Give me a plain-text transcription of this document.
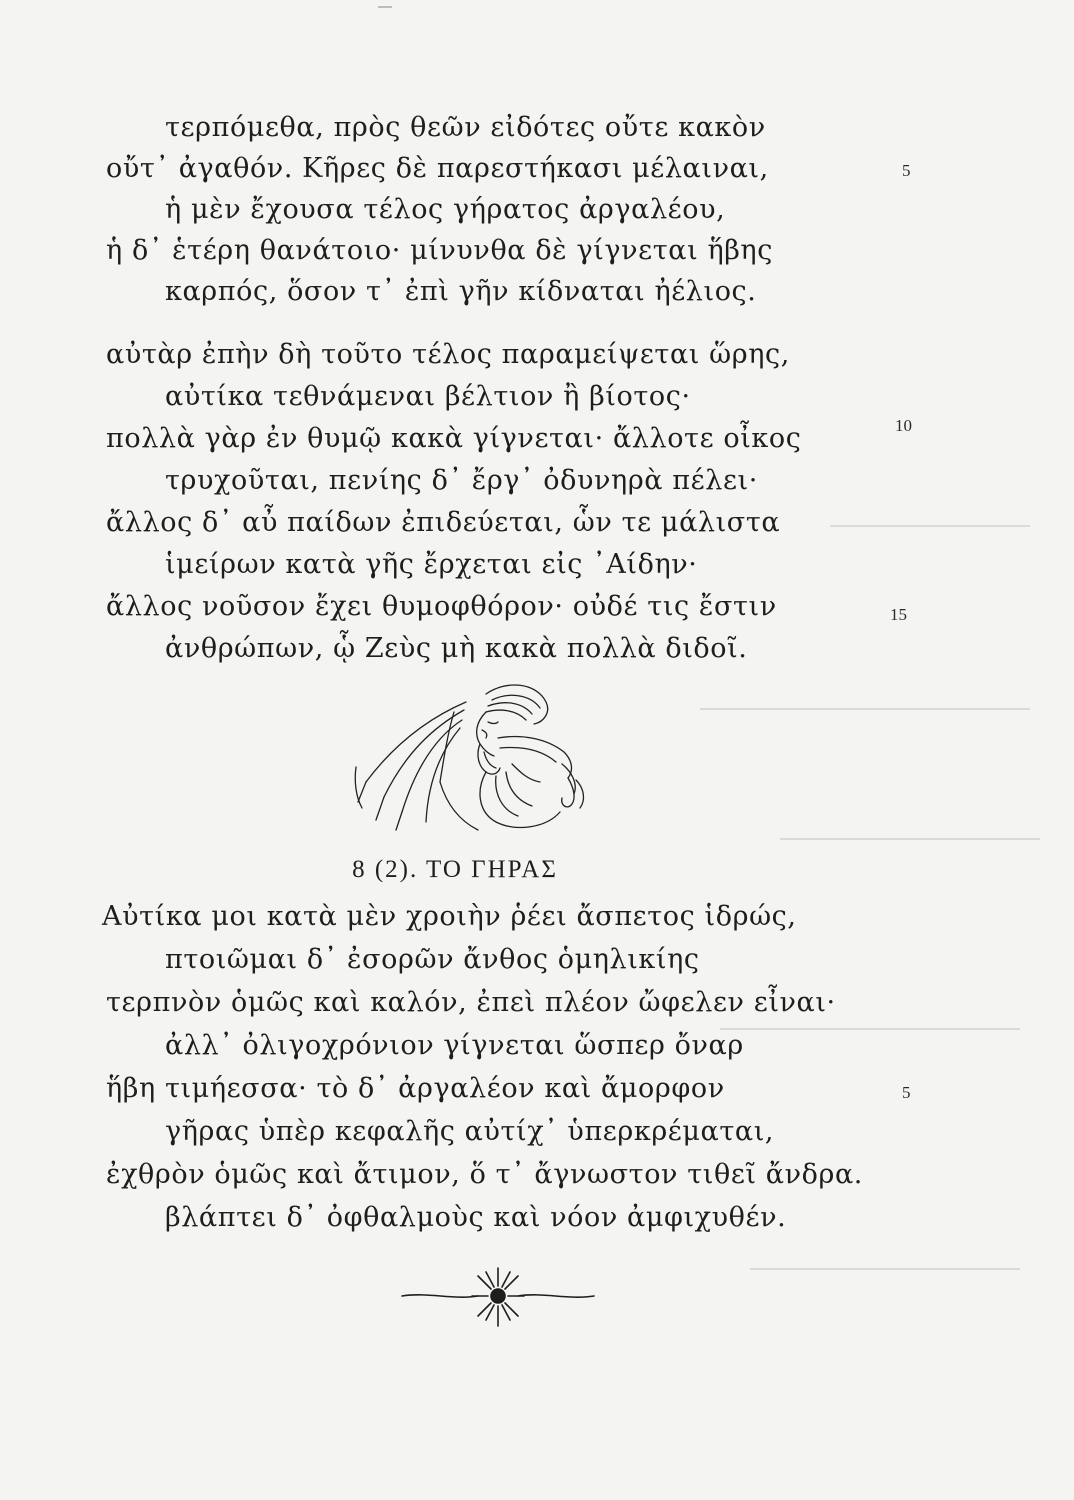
τερπόμεθα, πρὸς θεῶν εἰδότες οὔτε κακὸν
οὔτ᾽ ἀγαθόν. Κῆρες δὲ παρεστήκασι μέλαιναι,
ἡ μὲν ἔχουσα τέλος γήρατος ἀργαλέου,
ἡ δ᾽ ἑτέρη θανάτοιο· μίνυνθα δὲ γίγνεται ἥβης
καρπός, ὅσον τ᾽ ἐπὶ γῆν κίδναται ἠέλιος.
αὐτὰρ ἐπὴν δὴ τοῦτο τέλος παραμείψεται ὥρης,
αὐτίκα τεθνάμεναι βέλτιον ἢ βίοτος·
πολλὰ γὰρ ἐν θυμῷ κακὰ γίγνεται· ἄλλοτε οἶκος
τρυχοῦται, πενίης δ᾽ ἔργ᾽ ὀδυνηρὰ πέλει·
ἄλλος δ᾽ αὖ παίδων ἐπιδεύεται, ὧν τε μάλιστα
ἱμείρων κατὰ γῆς ἔρχεται εἰς ᾽Αίδην·
ἄλλος νοῦσον ἔχει θυμοφθόρον· οὐδέ τις ἔστιν
ἀνθρώπων, ᾧ Ζεὺς μὴ κακὰ πολλὰ διδοῖ.
5
10
15
8 (2). ΤΟ ΓΗΡΑΣ
Αὐτίκα μοι κατὰ μὲν χροιὴν ῥέει ἄσπετος ἱδρώς,
πτοιῶμαι δ᾽ ἐσορῶν ἄνθος ὁμηλικίης
τερπνὸν ὁμῶς καὶ καλόν, ἐπεὶ πλέον ὤφελεν εἶναι·
ἀλλ᾽ ὀλιγοχρόνιον γίγνεται ὥσπερ ὄναρ
ἥβη τιμήεσσα· τὸ δ᾽ ἀργαλέον καὶ ἄμορφον
γῆρας ὑπὲρ κεφαλῆς αὐτίχ᾽ ὑπερκρέμαται,
ἐχθρὸν ὁμῶς καὶ ἄτιμον, ὅ τ᾽ ἄγνωστον τιθεῖ ἄνδρα.
βλάπτει δ᾽ ὀφθαλμοὺς καὶ νόον ἀμφιχυθέν.
5
